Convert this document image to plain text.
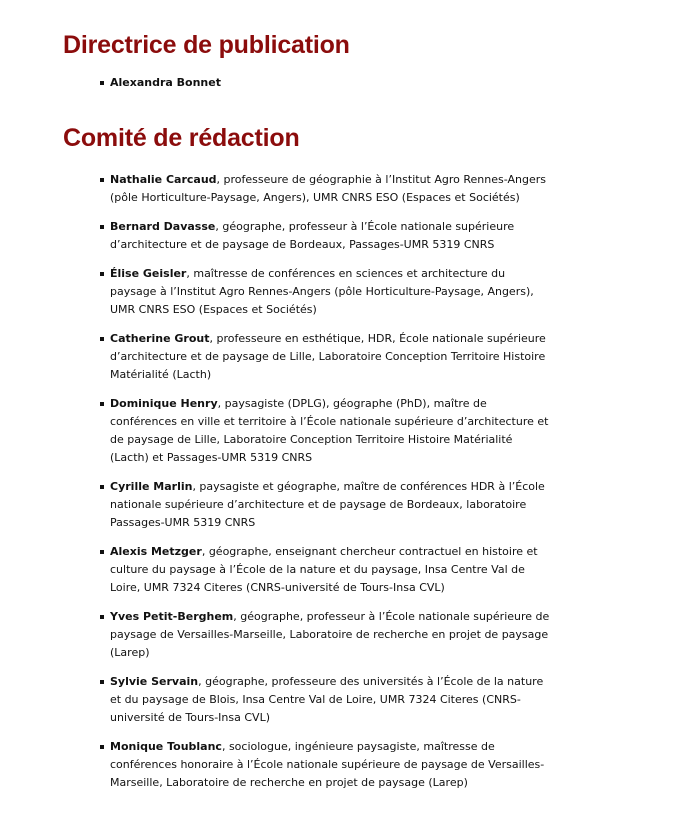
Directrice de publication
Alexandra Bonnet
Comité de rédaction
Nathalie Carcaud, professeure de géographie à l’Institut Agro Rennes-Angers (pôle Horticulture-Paysage, Angers), UMR CNRS ESO (Espaces et Sociétés)
Bernard Davasse, géographe, professeur à l’École nationale supérieure d’architecture et de paysage de Bordeaux, Passages-UMR 5319 CNRS
Élise Geisler, maîtresse de conférences en sciences et architecture du paysage à l’Institut Agro Rennes-Angers (pôle Horticulture-Paysage, Angers), UMR CNRS ESO (Espaces et Sociétés)
Catherine Grout, professeure en esthétique, HDR, École nationale supérieure d’architecture et de paysage de Lille, Laboratoire Conception Territoire Histoire Matérialité (Lacth)
Dominique Henry, paysagiste (DPLG), géographe (PhD), maître de conférences en ville et territoire à l’École nationale supérieure d’architecture et de paysage de Lille, Laboratoire Conception Territoire Histoire Matérialité (Lacth) et Passages-UMR 5319 CNRS
Cyrille Marlin, paysagiste et géographe, maître de conférences HDR à l’École nationale supérieure d’architecture et de paysage de Bordeaux, laboratoire Passages-UMR 5319 CNRS
Alexis Metzger, géographe, enseignant chercheur contractuel en histoire et culture du paysage à l’École de la nature et du paysage, Insa Centre Val de Loire, UMR 7324 Citeres (CNRS-université de Tours-Insa CVL)
Yves Petit-Berghem, géographe, professeur à l’École nationale supérieure de paysage de Versailles-Marseille, Laboratoire de recherche en projet de paysage (Larep)
Sylvie Servain, géographe, professeure des universités à l’École de la nature et du paysage de Blois, Insa Centre Val de Loire, UMR 7324 Citeres (CNRS-université de Tours-Insa CVL)
Monique Toublanc, sociologue, ingénieure paysagiste, maîtresse de conférences honoraire à l’École nationale supérieure de paysage de Versailles-Marseille, Laboratoire de recherche en projet de paysage (Larep)
